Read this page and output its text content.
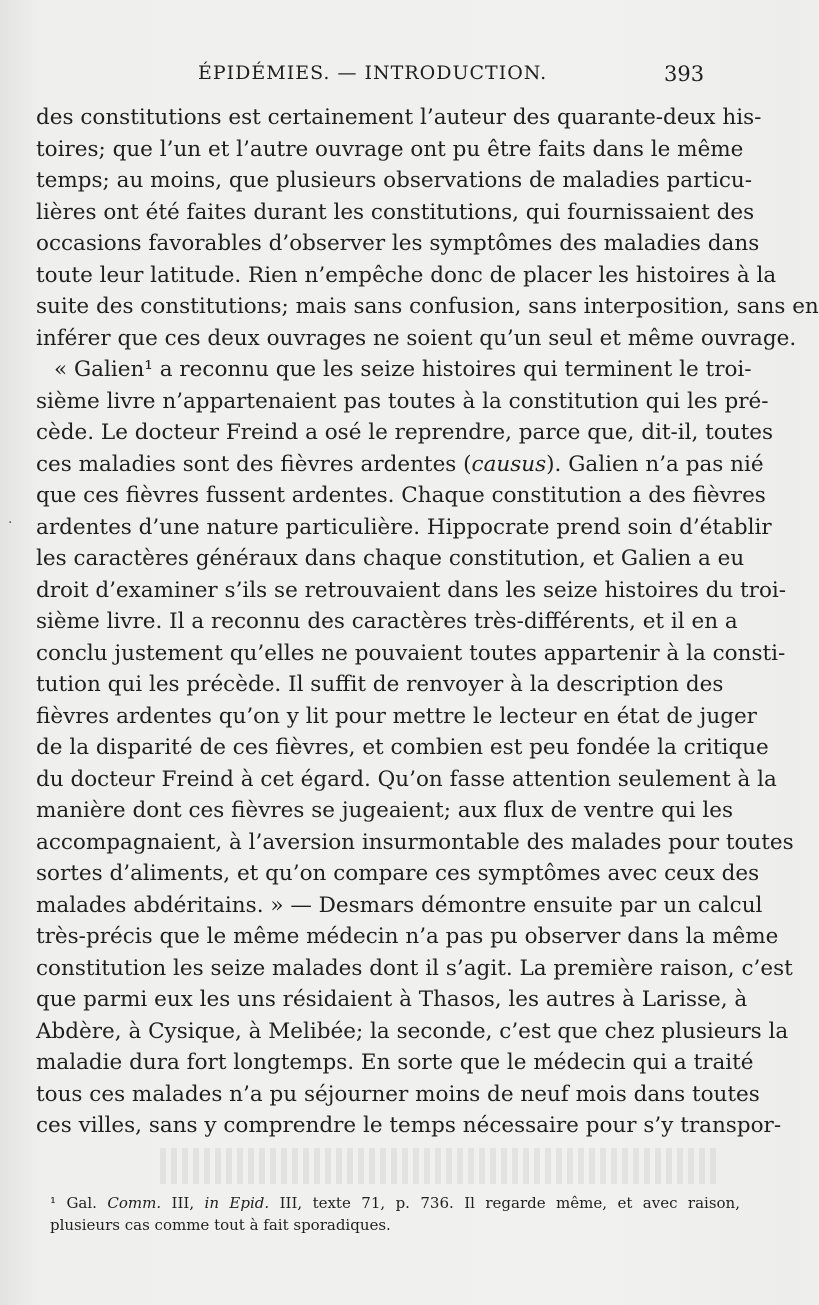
ÉPIDÉMIES. — INTRODUCTION.	393
·
des constitutions est certainement l’auteur des quarante-deux his-
toires; que l’un et l’autre ouvrage ont pu être faits dans le même
temps; au moins, que plusieurs observations de maladies particu-
lières ont été faites durant les constitutions, qui fournissaient des
occasions favorables d’observer les symptômes des maladies dans
toute leur latitude. Rien n’empêche donc de placer les histoires à la
suite des constitutions; mais sans confusion, sans interposition, sans en
inférer que ces deux ouvrages ne soient qu’un seul et même ouvrage.
« Galien¹ a reconnu que les seize histoires qui terminent le troi-
sième livre n’appartenaient pas toutes à la constitution qui les pré-
cède. Le docteur Freind a osé le reprendre, parce que, dit-il, toutes
ces maladies sont des fièvres ardentes (causus). Galien n’a pas nié
que ces fièvres fussent ardentes. Chaque constitution a des fièvres
ardentes d’une nature particulière. Hippocrate prend soin d’établir
les caractères généraux dans chaque constitution, et Galien a eu
droit d’examiner s’ils se retrouvaient dans les seize histoires du troi-
sième livre. Il a reconnu des caractères très-différents, et il en a
conclu justement qu’elles ne pouvaient toutes appartenir à la consti-
tution qui les précède. Il suffit de renvoyer à la description des
fièvres ardentes qu’on y lit pour mettre le lecteur en état de juger
de la disparité de ces fièvres, et combien est peu fondée la critique
du docteur Freind à cet égard. Qu’on fasse attention seulement à la
manière dont ces fièvres se jugeaient; aux flux de ventre qui les
accompagnaient, à l’aversion insurmontable des malades pour toutes
sortes d’aliments, et qu’on compare ces symptômes avec ceux des
malades abdéritains. » — Desmars démontre ensuite par un calcul
très-précis que le même médecin n’a pas pu observer dans la même
constitution les seize malades dont il s’agit. La première raison, c’est
que parmi eux les uns résidaient à Thasos, les autres à Larisse, à
Abdère, à Cysique, à Melibée; la seconde, c’est que chez plusieurs la
maladie dura fort longtemps. En sorte que le médecin qui a traité
tous ces malades n’a pu séjourner moins de neuf mois dans toutes
ces villes, sans y comprendre le temps nécessaire pour s’y transpor-
¹ Gal. Comm. III, in Epid. III, texte 71, p. 736. Il regarde même, et avec raison,
plusieurs cas comme tout à fait sporadiques.
